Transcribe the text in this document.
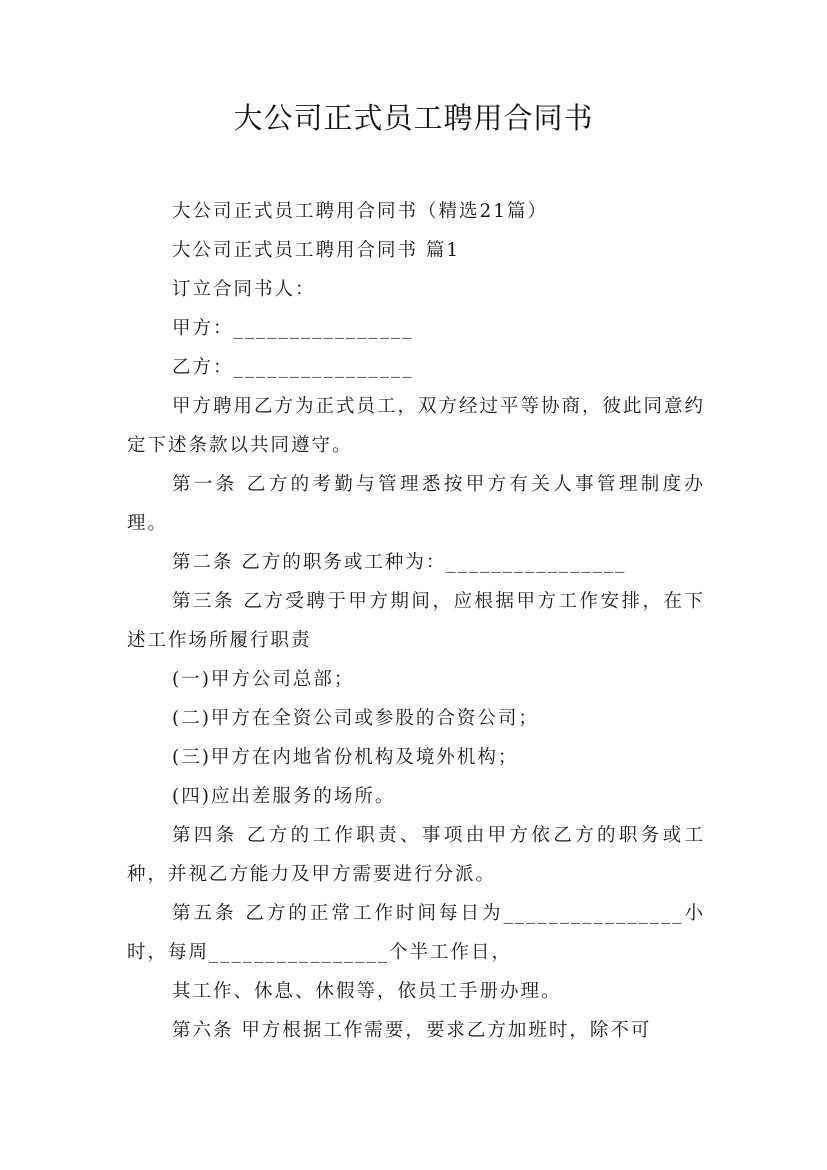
大公司正式员工聘用合同书

大公司正式员工聘用合同书（精选21篇）

大公司正式员工聘用合同书 篇1

订立合同书人：

甲方：________________

乙方：________________

甲方聘用乙方为正式员工，双方经过平等协商，彼此同意约定下述条款以共同遵守。

第一条 乙方的考勤与管理悉按甲方有关人事管理制度办理。

第二条 乙方的职务或工种为：________________

第三条 乙方受聘于甲方期间，应根据甲方工作安排，在下述工作场所履行职责

(一)甲方公司总部；

(二)甲方在全资公司或参股的合资公司；

(三)甲方在内地省份机构及境外机构；

(四)应出差服务的场所。

第四条 乙方的工作职责、事项由甲方依乙方的职务或工种，并视乙方能力及甲方需要进行分派。

第五条 乙方的正常工作时间每日为________________小时，每周________________个半工作日，

其工作、休息、休假等，依员工手册办理。

第六条 甲方根据工作需要，要求乙方加班时，除不可
